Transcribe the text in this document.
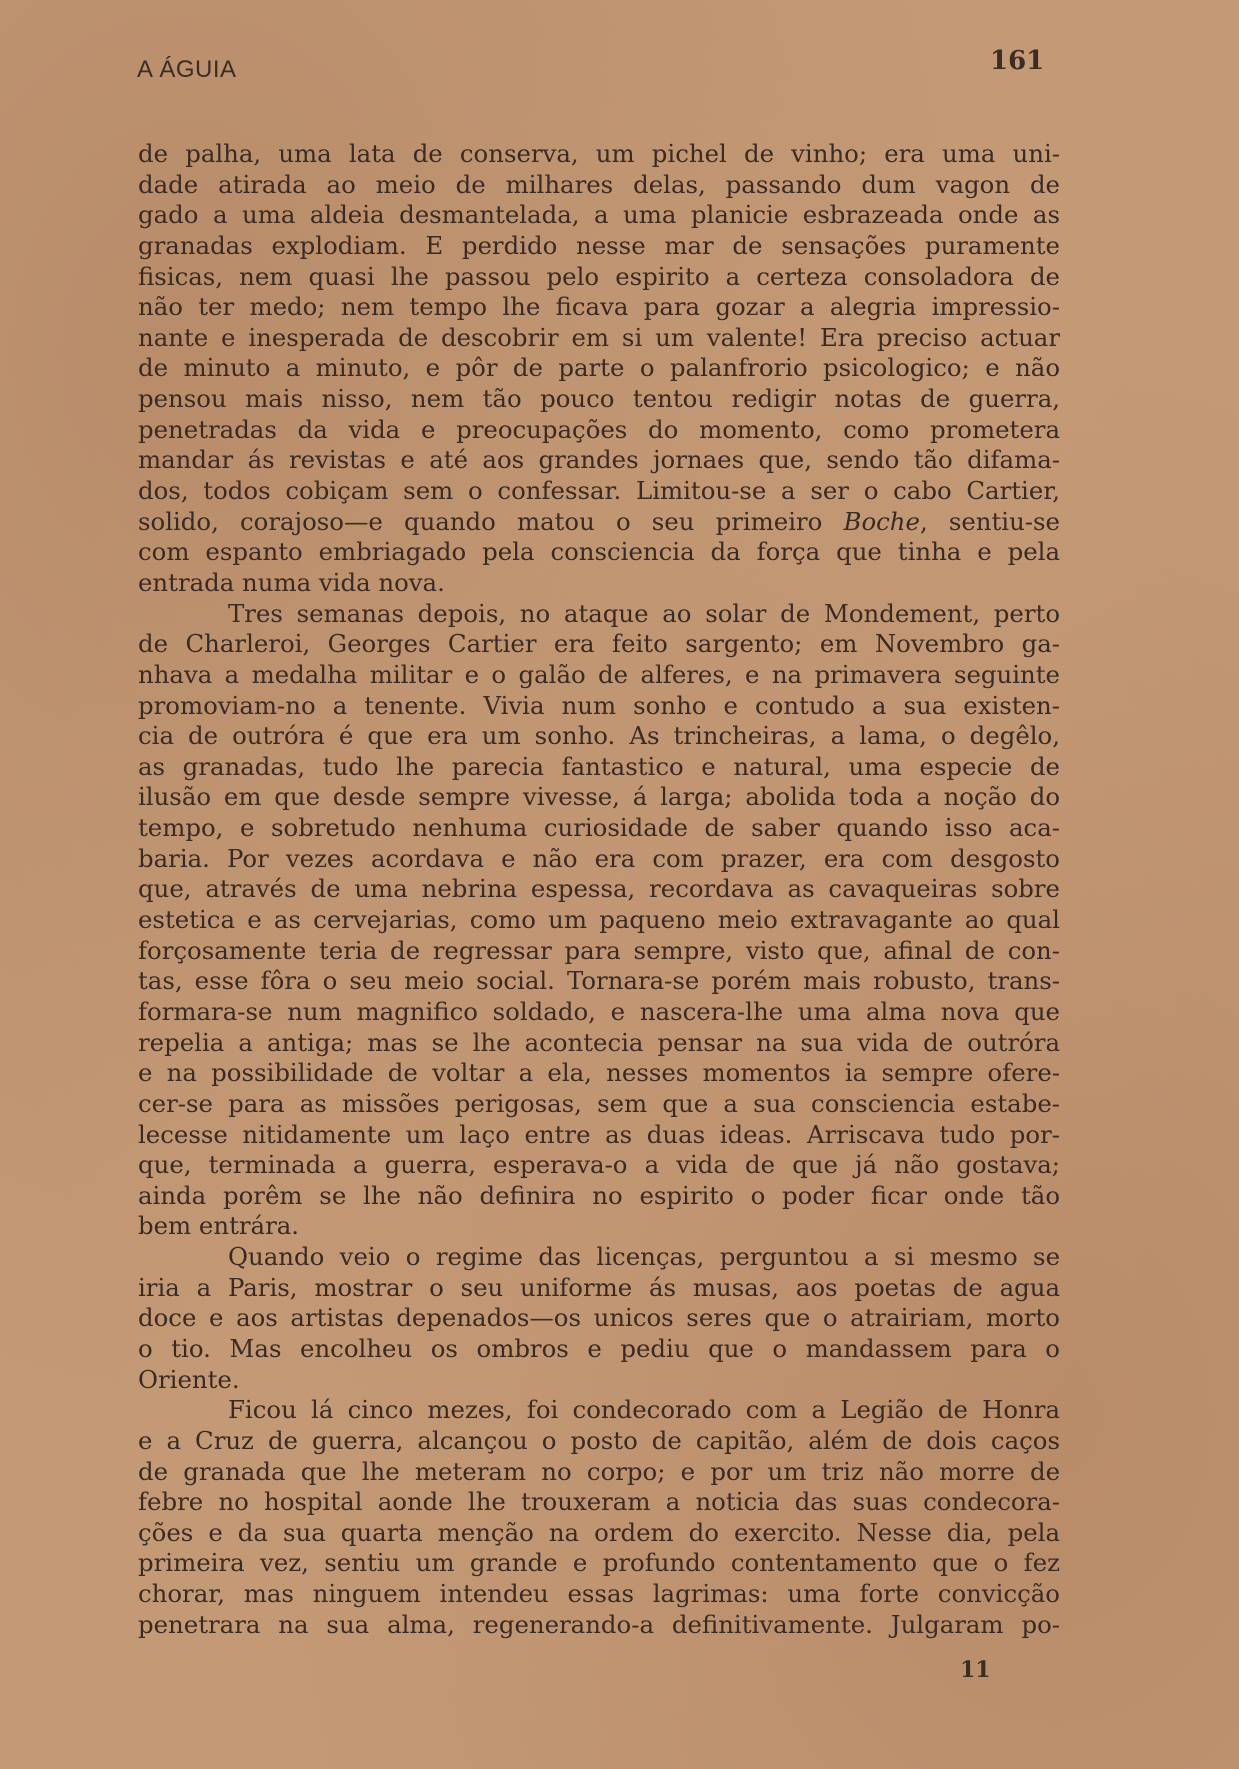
A ÁGUIA	161
de palha, uma lata de conserva, um pichel de vinho; era uma uni-
dade atirada ao meio de milhares delas, passando dum vagon de
gado a uma aldeia desmantelada, a uma planicie esbrazeada onde as
granadas explodiam. E perdido nesse mar de sensações puramente
fisicas, nem quasi lhe passou pelo espirito a certeza consoladora de
não ter medo; nem tempo lhe ficava para gozar a alegria impressio-
nante e inesperada de descobrir em si um valente! Era preciso actuar
de minuto a minuto, e pôr de parte o palanfrorio psicologico; e não
pensou mais nisso, nem tão pouco tentou redigir notas de guerra,
penetradas da vida e preocupações do momento, como prometera
mandar ás revistas e até aos grandes jornaes que, sendo tão difama-
dos, todos cobiçam sem o confessar. Limitou-se a ser o cabo Cartier,
solido, corajoso—e quando matou o seu primeiro Boche, sentiu-se
com espanto embriagado pela consciencia da força que tinha e pela
entrada numa vida nova.
Tres semanas depois, no ataque ao solar de Mondement, perto
de Charleroi, Georges Cartier era feito sargento; em Novembro ga-
nhava a medalha militar e o galão de alferes, e na primavera seguinte
promoviam-no a tenente. Vivia num sonho e contudo a sua existen-
cia de outróra é que era um sonho. As trincheiras, a lama, o degêlo,
as granadas, tudo lhe parecia fantastico e natural, uma especie de
ilusão em que desde sempre vivesse, á larga; abolida toda a noção do
tempo, e sobretudo nenhuma curiosidade de saber quando isso aca-
baria. Por vezes acordava e não era com prazer, era com desgosto
que, através de uma nebrina espessa, recordava as cavaqueiras sobre
estetica e as cervejarias, como um paqueno meio extravagante ao qual
forçosamente teria de regressar para sempre, visto que, afinal de con-
tas, esse fôra o seu meio social. Tornara-se porém mais robusto, trans-
formara-se num magnifico soldado, e nascera-lhe uma alma nova que
repelia a antiga; mas se lhe acontecia pensar na sua vida de outróra
e na possibilidade de voltar a ela, nesses momentos ia sempre ofere-
cer-se para as missões perigosas, sem que a sua consciencia estabe-
lecesse nitidamente um laço entre as duas ideas. Arriscava tudo por-
que, terminada a guerra, esperava-o a vida de que já não gostava;
ainda porêm se lhe não definira no espirito o poder ficar onde tão
bem entrára.
Quando veio o regime das licenças, perguntou a si mesmo se
iria a Paris, mostrar o seu uniforme ás musas, aos poetas de agua
doce e aos artistas depenados—os unicos seres que o atrairiam, morto
o tio. Mas encolheu os ombros e pediu que o mandassem para o
Oriente.
Ficou lá cinco mezes, foi condecorado com a Legião de Honra
e a Cruz de guerra, alcançou o posto de capitão, além de dois caços
de granada que lhe meteram no corpo; e por um triz não morre de
febre no hospital aonde lhe trouxeram a noticia das suas condecora-
ções e da sua quarta menção na ordem do exercito. Nesse dia, pela
primeira vez, sentiu um grande e profundo contentamento que o fez
chorar, mas ninguem intendeu essas lagrimas: uma forte convicção
penetrara na sua alma, regenerando-a definitivamente. Julgaram po-
11
